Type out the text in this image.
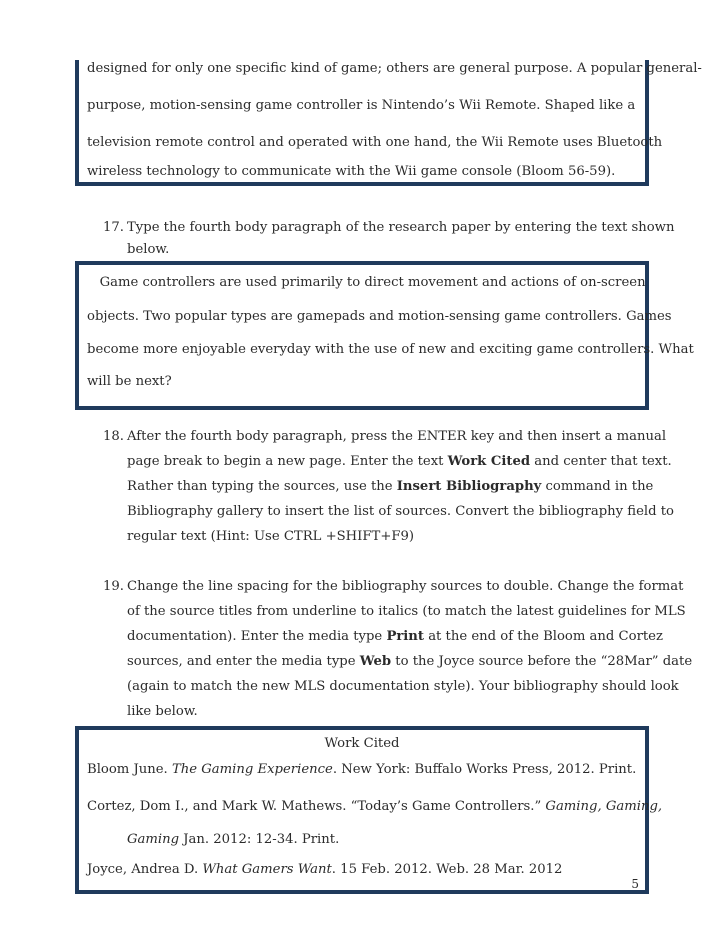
designed for only one specific kind of game; others are general purpose. A popular general-
purpose, motion-sensing game controller is Nintendo’s Wii Remote. Shaped like a
television remote control and operated with one hand, the Wii Remote uses Bluetooth
wireless technology to communicate with the Wii game console (Bloom 56-59).
17. Type the fourth body paragraph of the research paper by entering the text shown
below.
Game controllers are used primarily to direct movement and actions of on-screen
objects. Two popular types are gamepads and motion-sensing game controllers. Games
become more enjoyable everyday with the use of new and exciting game controllers. What
will be next?
18. After the fourth body paragraph, press the ENTER key and then insert a manual
page break to begin a new page. Enter the text Work Cited and center that text.
Rather than typing the sources, use the Insert Bibliography command in the
Bibliography gallery to insert the list of sources. Convert the bibliography field to
regular text (Hint: Use CTRL +SHIFT+F9)
19. Change the line spacing for the bibliography sources to double. Change the format
of the source titles from underline to italics (to match the latest guidelines for MLS
documentation). Enter the media type Print at the end of the Bloom and Cortez
sources, and enter the media type Web to the Joyce source before the “28Mar” date
(again to match the new MLS documentation style). Your bibliography should look
like below.
Work Cited
Bloom June. The Gaming Experience. New York: Buffalo Works Press, 2012. Print.
Cortez, Dom I., and Mark W. Mathews. “Today’s Game Controllers.” Gaming, Gaming,
Gaming Jan. 2012: 12-34. Print.
Joyce, Andrea D. What Gamers Want. 15 Feb. 2012. Web. 28 Mar. 2012
5
